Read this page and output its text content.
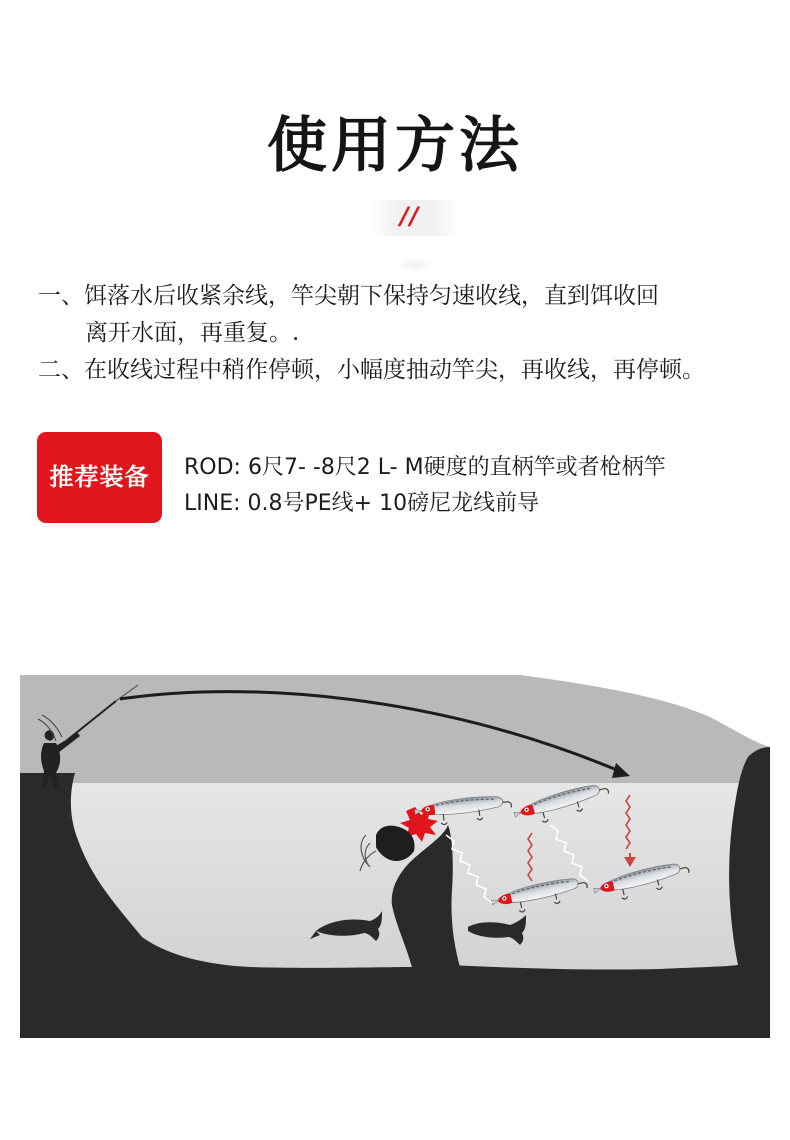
使用方法
//
一、饵落水后收紧余线，竿尖朝下保持匀速收线，直到饵收回
离开水面，再重复。.
二、在收线过程中稍作停顿，小幅度抽动竿尖，再收线，再停顿。
推荐装备	ROD: 6尺7- -8尺2 L- M硬度的直柄竿或者枪柄竿
LINE: 0.8号PE线+ 10磅尼龙线前导
